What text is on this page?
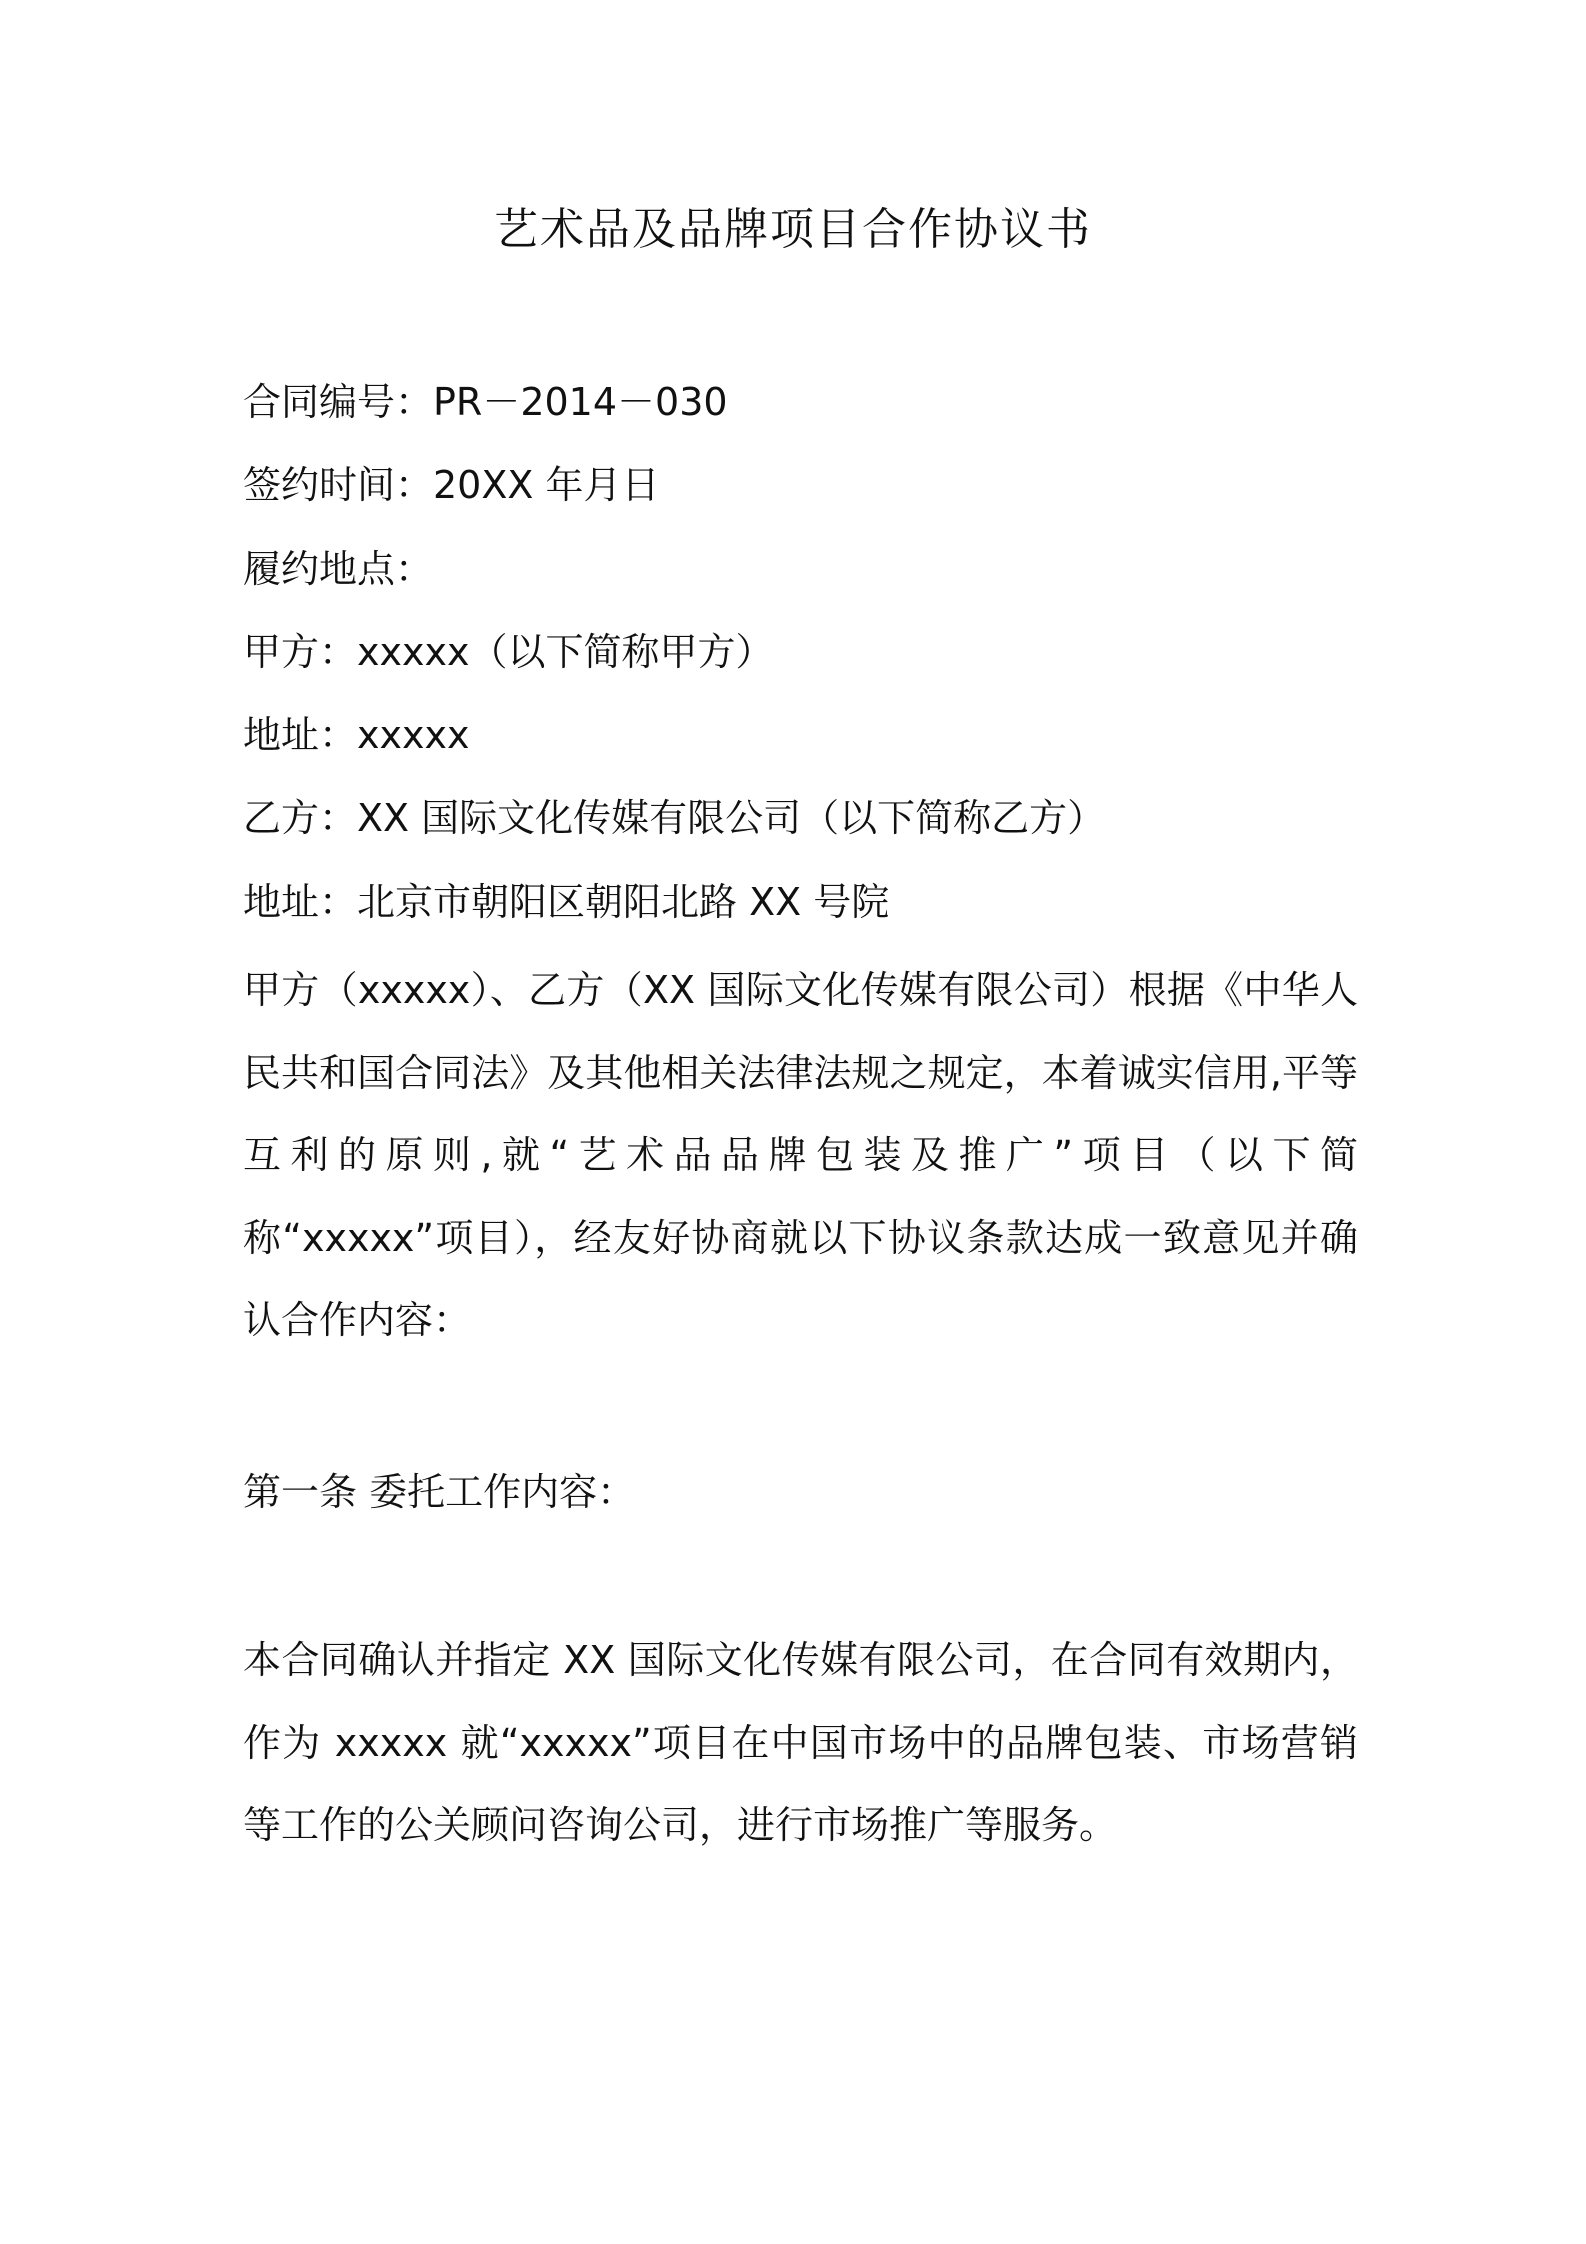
艺术品及品牌项目合作协议书

合同编号：PR－2014－030

签约时间：20XX 年月日

履约地点：

甲方：xxxxx（以下简称甲方）

地址：xxxxx

乙方：XX 国际文化传媒有限公司（以下简称乙方）

地址：北京市朝阳区朝阳北路 XX 号院

甲方（xxxxx）、乙方（XX 国际文化传媒有限公司）根据《中华人民共和国合同法》及其他相关法律法规之规定，本着诚实信用,平等互利的原则,就“艺术品品牌包装及推广”项目（以下简称“xxxxx”项目），经友好协商就以下协议条款达成一致意见并确认合作内容：

第一条 委托工作内容：

本合同确认并指定 XX 国际文化传媒有限公司，在合同有效期内，作为 xxxxx 就“xxxxx”项目在中国市场中的品牌包装、市场营销等工作的公关顾问咨询公司，进行市场推广等服务。
